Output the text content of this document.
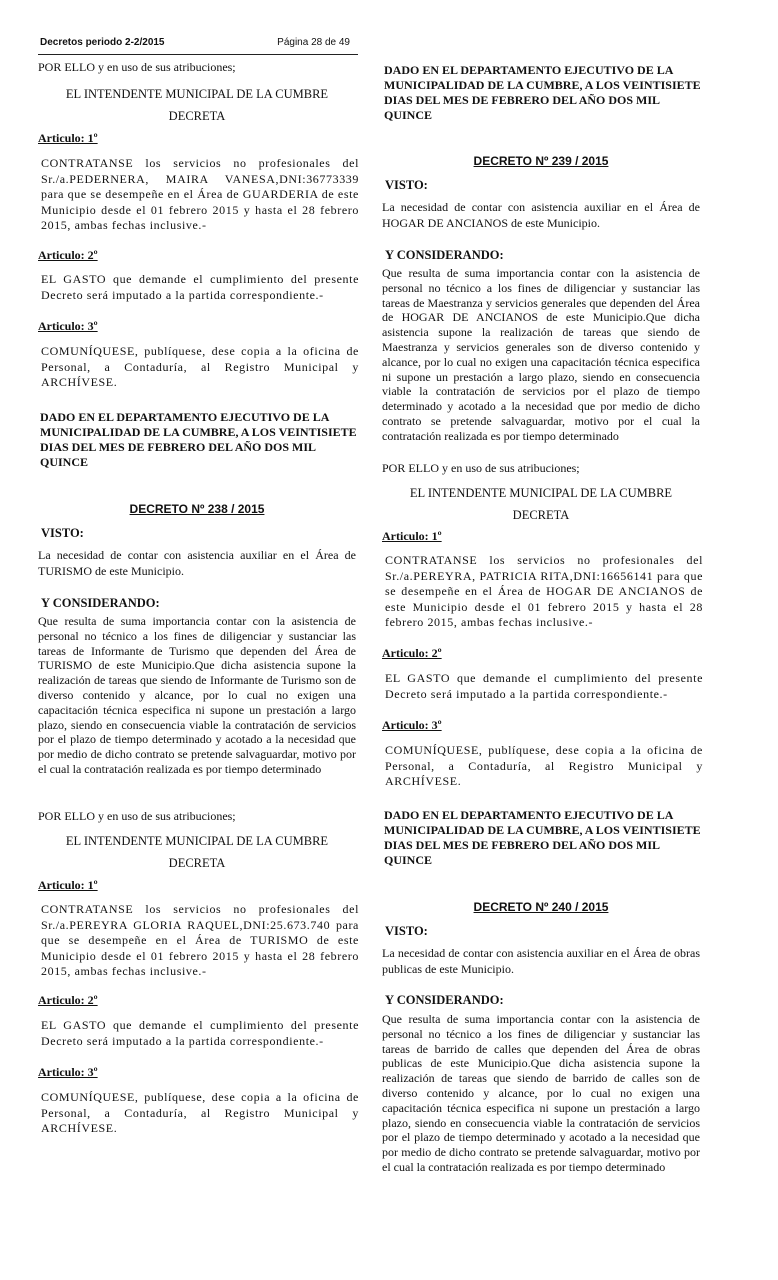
Decretos periodo 2-2/2015	Página 28 de 49

POR ELLO y en uso de sus atribuciones;

EL INTENDENTE MUNICIPAL DE LA CUMBRE
DECRETA
Articulo: 1º
CONTRATANSE los servicios no profesionales del Sr./a.PEDERNERA, MAIRA VANESA,DNI:36773339 para que se desempeñe en el Área de GUARDERIA de este Municipio desde el 01 febrero 2015 y hasta el 28 febrero 2015, ambas fechas inclusive.-
Articulo: 2º
EL GASTO que demande el cumplimiento del presente Decreto será imputado a la partida correspondiente.-
Articulo: 3º
COMUNÍQUESE, publíquese, dese copia a la oficina de Personal, a Contaduría, al Registro Municipal y ARCHÍVESE.
DADO EN EL DEPARTAMENTO EJECUTIVO DE LA MUNICIPALIDAD DE LA CUMBRE, A LOS VEINTISIETE DIAS DEL MES DE FEBRERO DEL AÑO DOS MIL QUINCE
DECRETO Nº 238 / 2015
VISTO:
La necesidad de contar con asistencia auxiliar en el Área de TURISMO de este Municipio.
Y CONSIDERANDO:
Que resulta de suma importancia contar con la asistencia de personal no técnico a los fines de diligenciar y sustanciar las tareas de Informante de Turismo que dependen del Área de TURISMO de este Municipio.Que dicha asistencia supone la realización de tareas que siendo de Informante de Turismo son de diverso contenido y alcance, por lo cual no exigen una capacitación técnica especifica ni supone un prestación a largo plazo, siendo en consecuencia viable la contratación de servicios por el plazo de tiempo determinado y acotado a la necesidad que por medio de dicho contrato se pretende salvaguardar, motivo por el cual la contratación realizada es por tiempo determinado
POR ELLO y en uso de sus atribuciones;
EL INTENDENTE MUNICIPAL DE LA CUMBRE
DECRETA
Articulo: 1º
CONTRATANSE los servicios no profesionales del Sr./a.PEREYRA GLORIA RAQUEL,DNI:25.673.740 para que se desempeñe en el Área de TURISMO de este Municipio desde el 01 febrero 2015 y hasta el 28 febrero 2015, ambas fechas inclusive.-
Articulo: 2º
EL GASTO que demande el cumplimiento del presente Decreto será imputado a la partida correspondiente.-
Articulo: 3º
COMUNÍQUESE, publíquese, dese copia a la oficina de Personal, a Contaduría, al Registro Municipal y ARCHÍVESE.
DADO EN EL DEPARTAMENTO EJECUTIVO DE LA MUNICIPALIDAD DE LA CUMBRE, A LOS VEINTISIETE DIAS DEL MES DE FEBRERO DEL AÑO DOS MIL QUINCE
DECRETO Nº 239 / 2015
VISTO:
La necesidad de contar con asistencia auxiliar en el Área de HOGAR DE ANCIANOS de este Municipio.
Y CONSIDERANDO:
Que resulta de suma importancia contar con la asistencia de personal no técnico a los fines de diligenciar y sustanciar las tareas de Maestranza y servicios generales que dependen del Área de HOGAR DE ANCIANOS de este Municipio.Que dicha asistencia supone la realización de tareas que siendo de Maestranza y servicios generales son de diverso contenido y alcance, por lo cual no exigen una capacitación técnica especifica ni supone un prestación a largo plazo, siendo en consecuencia viable la contratación de servicios por el plazo de tiempo determinado y acotado a la necesidad que por medio de dicho contrato se pretende salvaguardar, motivo por el cual la contratación realizada es por tiempo determinado
POR ELLO y en uso de sus atribuciones;
EL INTENDENTE MUNICIPAL DE LA CUMBRE
DECRETA
Articulo: 1º
CONTRATANSE los servicios no profesionales del Sr./a.PEREYRA, PATRICIA RITA,DNI:16656141 para que se desempeñe en el Área de HOGAR DE ANCIANOS de este Municipio desde el 01 febrero 2015 y hasta el 28 febrero 2015, ambas fechas inclusive.-
Articulo: 2º
EL GASTO que demande el cumplimiento del presente Decreto será imputado a la partida correspondiente.-
Articulo: 3º
COMUNÍQUESE, publíquese, dese copia a la oficina de Personal, a Contaduría, al Registro Municipal y ARCHÍVESE.
DADO EN EL DEPARTAMENTO EJECUTIVO DE LA MUNICIPALIDAD DE LA CUMBRE, A LOS VEINTISIETE DIAS DEL MES DE FEBRERO DEL AÑO DOS MIL QUINCE
DECRETO Nº 240 / 2015
VISTO:
La necesidad de contar con asistencia auxiliar en el Área de obras publicas de este Municipio.
Y CONSIDERANDO:
Que resulta de suma importancia contar con la asistencia de personal no técnico a los fines de diligenciar y sustanciar las tareas de barrido de calles que dependen del Área de obras publicas de este Municipio.Que dicha asistencia supone la realización de tareas que siendo de barrido de calles son de diverso contenido y alcance, por lo cual no exigen una capacitación técnica especifica ni supone un prestación a largo plazo, siendo en consecuencia viable la contratación de servicios por el plazo de tiempo determinado y acotado a la necesidad que por medio de dicho contrato se pretende salvaguardar, motivo por el cual la contratación realizada es por tiempo determinado
